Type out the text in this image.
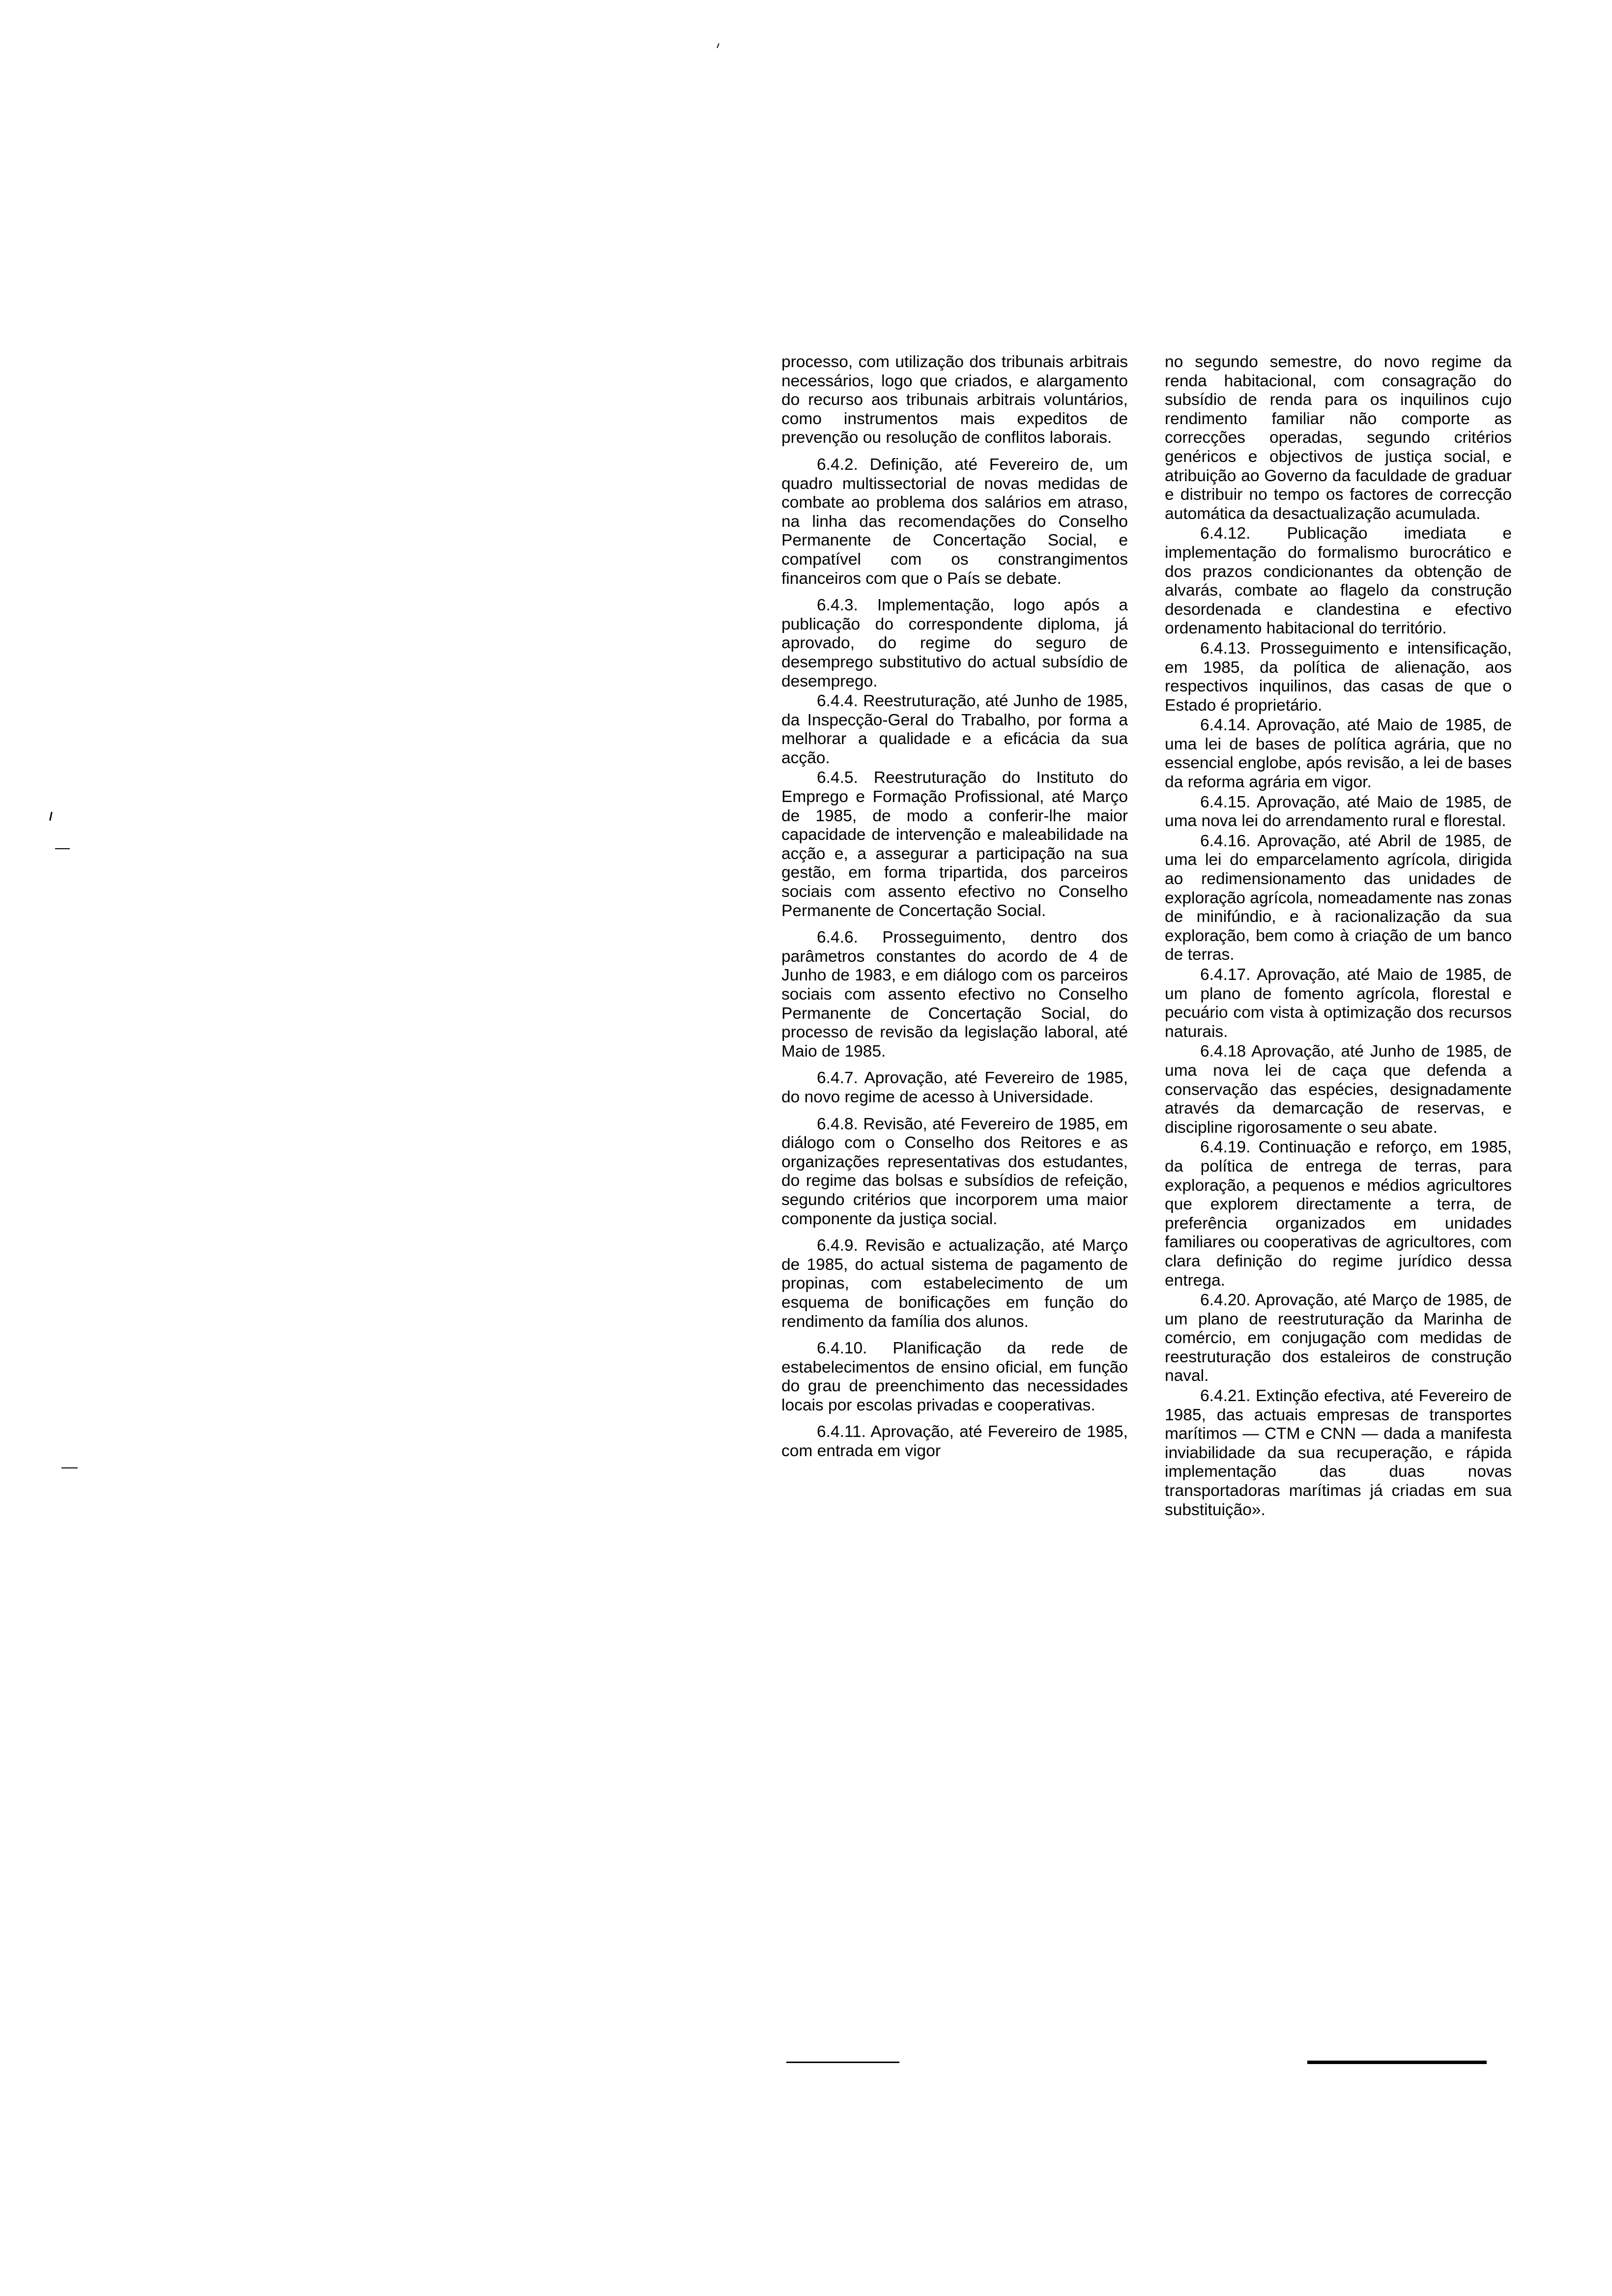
processo, com utilização dos tribunais arbitrais necessários, logo que criados, e alargamento do recurso aos tribunais arbitrais voluntários, como instrumentos mais expeditos de prevenção ou resolução de conflitos laborais.

6.4.2. Definição, até Fevereiro de, um quadro multissectorial de novas medidas de combate ao problema dos salários em atraso, na linha das recomendações do Conselho Permanente de Concertação Social, e compatível com os constrangimentos financeiros com que o País se debate.

6.4.3. Implementação, logo após a publicação do correspondente diploma, já aprovado, do regime do seguro de desemprego substitutivo do actual subsídio de desemprego.

6.4.4. Reestruturação, até Junho de 1985, da Inspecção-Geral do Trabalho, por forma a melhorar a qualidade e a eficácia da sua acção.

6.4.5. Reestruturação do Instituto do Emprego e Formação Profissional, até Março de 1985, de modo a conferir-lhe maior capacidade de intervenção e maleabilidade na acção e, a assegurar a participação na sua gestão, em forma tripartida, dos parceiros sociais com assento efectivo no Conselho Permanente de Concertação Social.

6.4.6. Prosseguimento, dentro dos parâmetros constantes do acordo de 4 de Junho de 1983, e em diálogo com os parceiros sociais com assento efectivo no Conselho Permanente de Concertação Social, do processo de revisão da legislação laboral, até Maio de 1985.

6.4.7. Aprovação, até Fevereiro de 1985, do novo regime de acesso à Universidade.

6.4.8. Revisão, até Fevereiro de 1985, em diálogo com o Conselho dos Reitores e as organizações representativas dos estudantes, do regime das bolsas e subsídios de refeição, segundo critérios que incorporem uma maior componente da justiça social.

6.4.9. Revisão e actualização, até Março de 1985, do actual sistema de pagamento de propinas, com estabelecimento de um esquema de bonificações em função do rendimento da família dos alunos.

6.4.10. Planificação da rede de estabelecimentos de ensino oficial, em função do grau de preenchimento das necessidades locais por escolas privadas e cooperativas.

6.4.11. Aprovação, até Fevereiro de 1985, com entrada em vigor

no segundo semestre, do novo regime da renda habitacional, com consagração do subsídio de renda para os inquilinos cujo rendimento familiar não comporte as correcções operadas, segundo critérios genéricos e objectivos de justiça social, e atribuição ao Governo da faculdade de graduar e distribuir no tempo os factores de correcção automática da desactualização acumulada.

6.4.12. Publicação imediata e implementação do formalismo burocrático e dos prazos condicionantes da obtenção de alvarás, combate ao flagelo da construção desordenada e clandestina e efectivo ordenamento habitacional do território.

6.4.13. Prosseguimento e intensificação, em 1985, da política de alienação, aos respectivos inquilinos, das casas de que o Estado é proprietário.

6.4.14. Aprovação, até Maio de 1985, de uma lei de bases de política agrária, que no essencial englobe, após revisão, a lei de bases da reforma agrária em vigor.

6.4.15. Aprovação, até Maio de 1985, de uma nova lei do arrendamento rural e florestal.

6.4.16. Aprovação, até Abril de 1985, de uma lei do emparcelamento agrícola, dirigida ao redimensionamento das unidades de exploração agrícola, nomeadamente nas zonas de minifúndio, e à racionalização da sua exploração, bem como à criação de um banco de terras.

6.4.17. Aprovação, até Maio de 1985, de um plano de fomento agrícola, florestal e pecuário com vista à optimização dos recursos naturais.

6.4.18 Aprovação, até Junho de 1985, de uma nova lei de caça que defenda a conservação das espécies, designadamente através da demarcação de reservas, e discipline rigorosamente o seu abate.

6.4.19. Continuação e reforço, em 1985, da política de entrega de terras, para exploração, a pequenos e médios agricultores que explorem directamente a terra, de preferência organizados em unidades familiares ou cooperativas de agricultores, com clara definição do regime jurídico dessa entrega.

6.4.20. Aprovação, até Março de 1985, de um plano de reestruturação da Marinha de comércio, em conjugação com medidas de reestruturação dos estaleiros de construção naval.

6.4.21. Extinção efectiva, até Fevereiro de 1985, das actuais empresas de transportes marítimos — CTM e CNN — dada a manifesta inviabilidade da sua recuperação, e rápida implementação das duas novas transportadoras marítimas já criadas em sua substituição».
